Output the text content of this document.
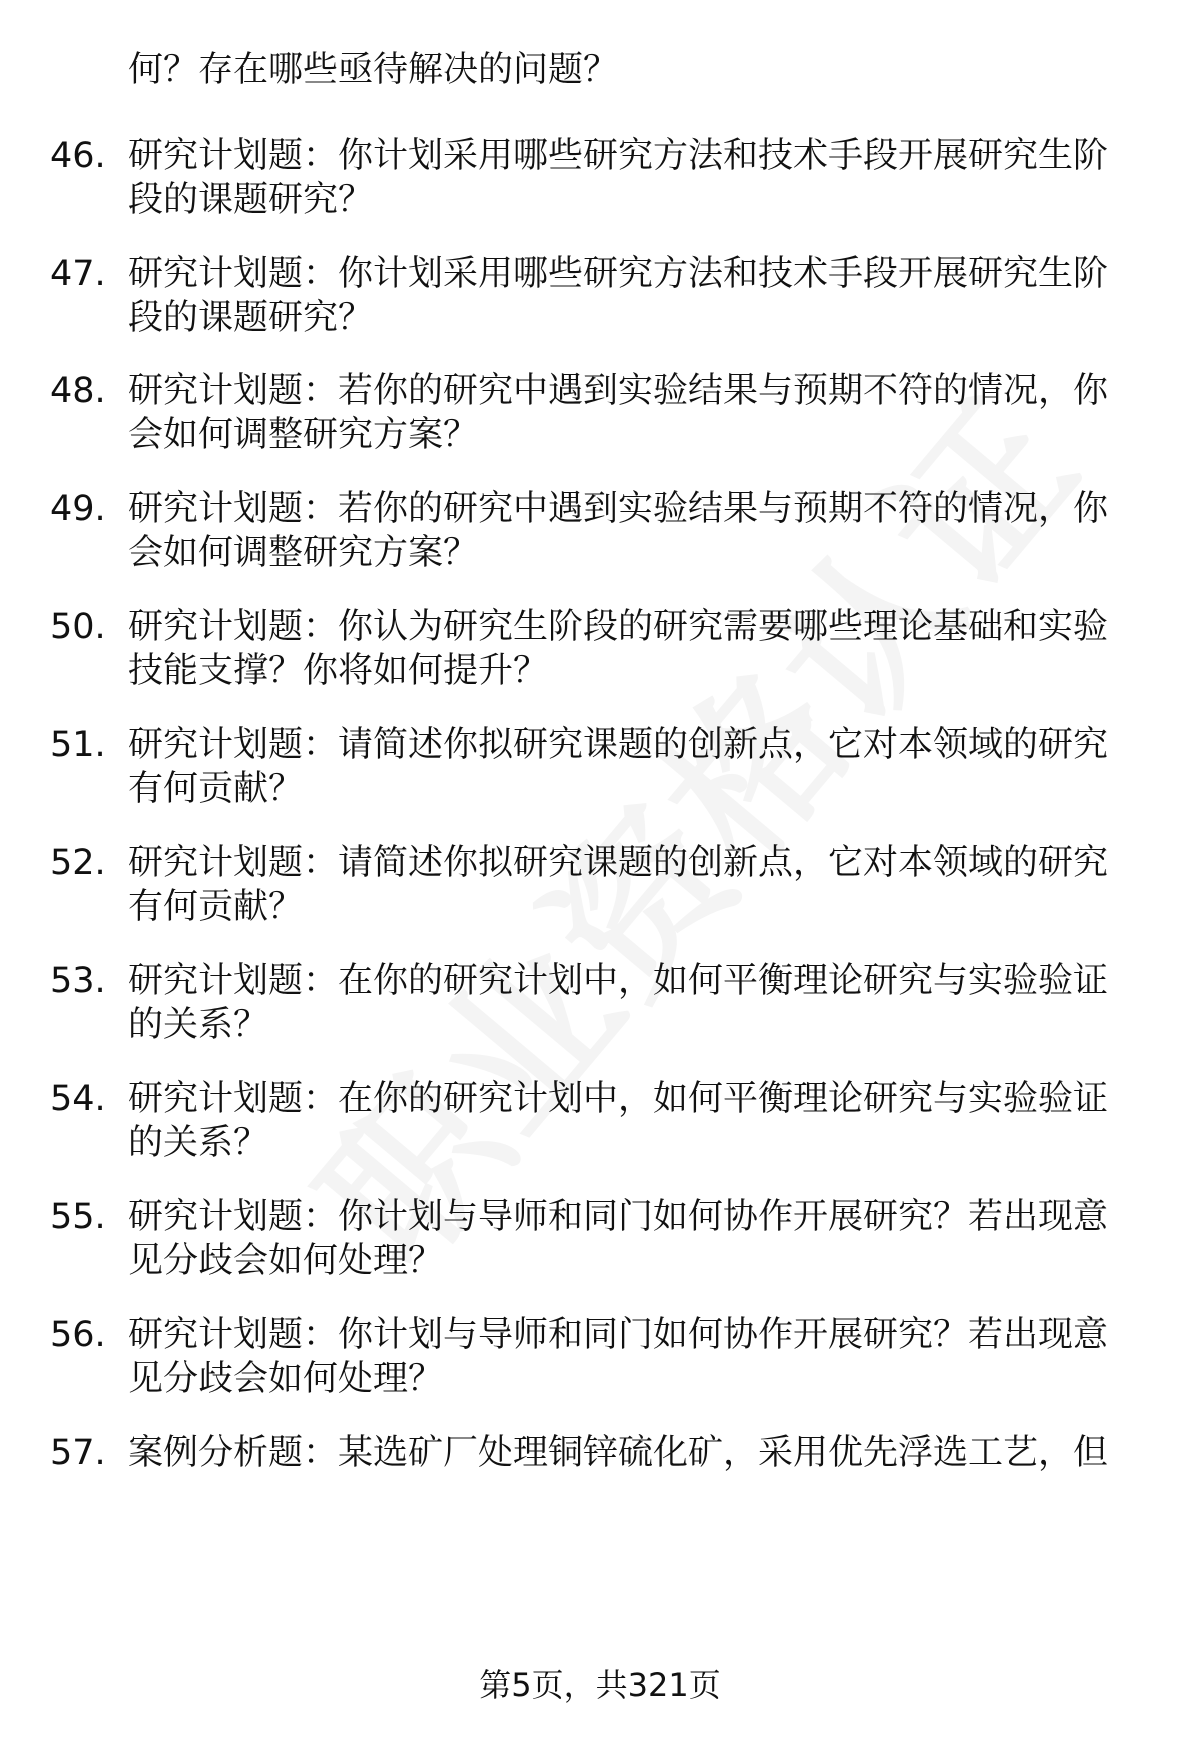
何？存在哪些亟待解决的问题？
46. 研究计划题：你计划采用哪些研究方法和技术手段开展研究生阶
段的课题研究？
47. 研究计划题：你计划采用哪些研究方法和技术手段开展研究生阶
段的课题研究？
48. 研究计划题：若你的研究中遇到实验结果与预期不符的情况，你
会如何调整研究方案？
49. 研究计划题：若你的研究中遇到实验结果与预期不符的情况，你
会如何调整研究方案？
50. 研究计划题：你认为研究生阶段的研究需要哪些理论基础和实验
技能支撑？你将如何提升？
51. 研究计划题：请简述你拟研究课题的创新点，它对本领域的研究
有何贡献？
52. 研究计划题：请简述你拟研究课题的创新点，它对本领域的研究
有何贡献？
53. 研究计划题：在你的研究计划中，如何平衡理论研究与实验验证
的关系？
54. 研究计划题：在你的研究计划中，如何平衡理论研究与实验验证
的关系？
55. 研究计划题：你计划与导师和同门如何协作开展研究？若出现意
见分歧会如何处理？
56. 研究计划题：你计划与导师和同门如何协作开展研究？若出现意
见分歧会如何处理？
57. 案例分析题：某选矿厂处理铜锌硫化矿，采用优先浮选工艺，但
第5页，共321页
